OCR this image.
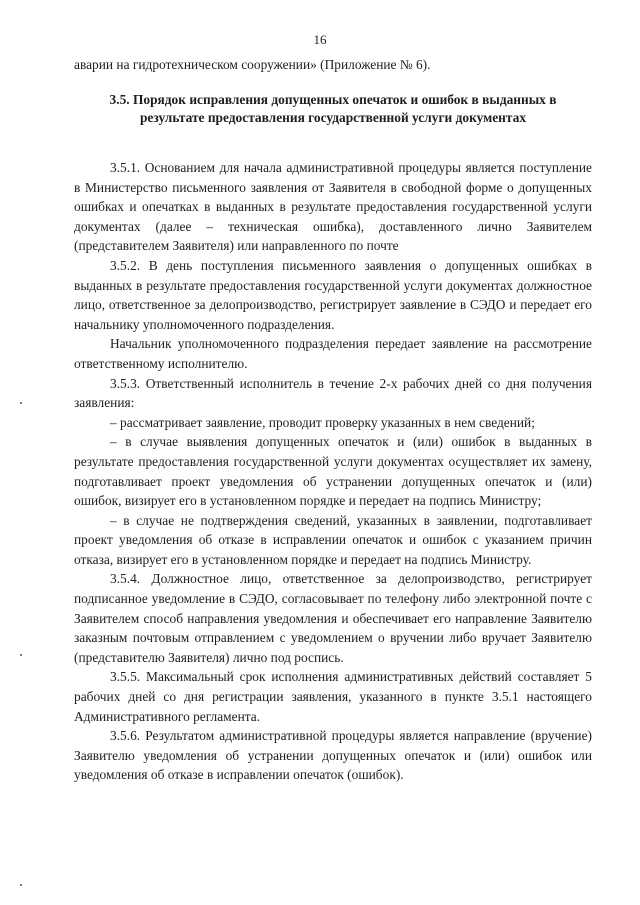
16
аварии на гидротехническом сооружении» (Приложение № 6).
3.5. Порядок исправления допущенных опечаток и ошибок в выданных в результате предоставления государственной услуги документах

3.5.1. Основанием для начала административной процедуры является поступление в Министерство письменного заявления от Заявителя в свободной форме о допущенных ошибках и опечатках в выданных в результате предоставления государственной услуги документах (далее – техническая ошибка), доставленного лично Заявителем (представителем Заявителя) или направленного по почте

3.5.2. В день поступления письменного заявления о допущенных ошибках в выданных в результате предоставления государственной услуги документах должностное лицо, ответственное за делопроизводство, регистрирует заявление в СЭДО и передает его начальнику уполномоченного подразделения.

Начальник уполномоченного подразделения передает заявление на рассмотрение ответственному исполнителю.

3.5.3. Ответственный исполнитель в течение 2-х рабочих дней со дня получения заявления:

– рассматривает заявление, проводит проверку указанных в нем сведений;

– в случае выявления допущенных опечаток и (или) ошибок в выданных в результате предоставления государственной услуги документах осуществляет их замену, подготавливает проект уведомления об устранении допущенных опечаток и (или) ошибок, визирует его в установленном порядке и передает на подпись Министру;

– в случае не подтверждения сведений, указанных в заявлении, подготавливает проект уведомления об отказе в исправлении опечаток и ошибок с указанием причин отказа, визирует его в установленном порядке и передает на подпись Министру.

3.5.4. Должностное лицо, ответственное за делопроизводство, регистрирует подписанное уведомление в СЭДО, согласовывает по телефону либо электронной почте с Заявителем способ направления уведомления и обеспечивает его направление Заявителю заказным почтовым отправлением с уведомлением о вручении либо вручает Заявителю (представителю Заявителя) лично под роспись.

3.5.5. Максимальный срок исполнения административных действий составляет 5 рабочих дней со дня регистрации заявления, указанного в пункте 3.5.1 настоящего Административного регламента.

3.5.6. Результатом административной процедуры является направление (вручение) Заявителю уведомления об устранении допущенных опечаток и (или) ошибок или уведомления об отказе в исправлении опечаток (ошибок).
